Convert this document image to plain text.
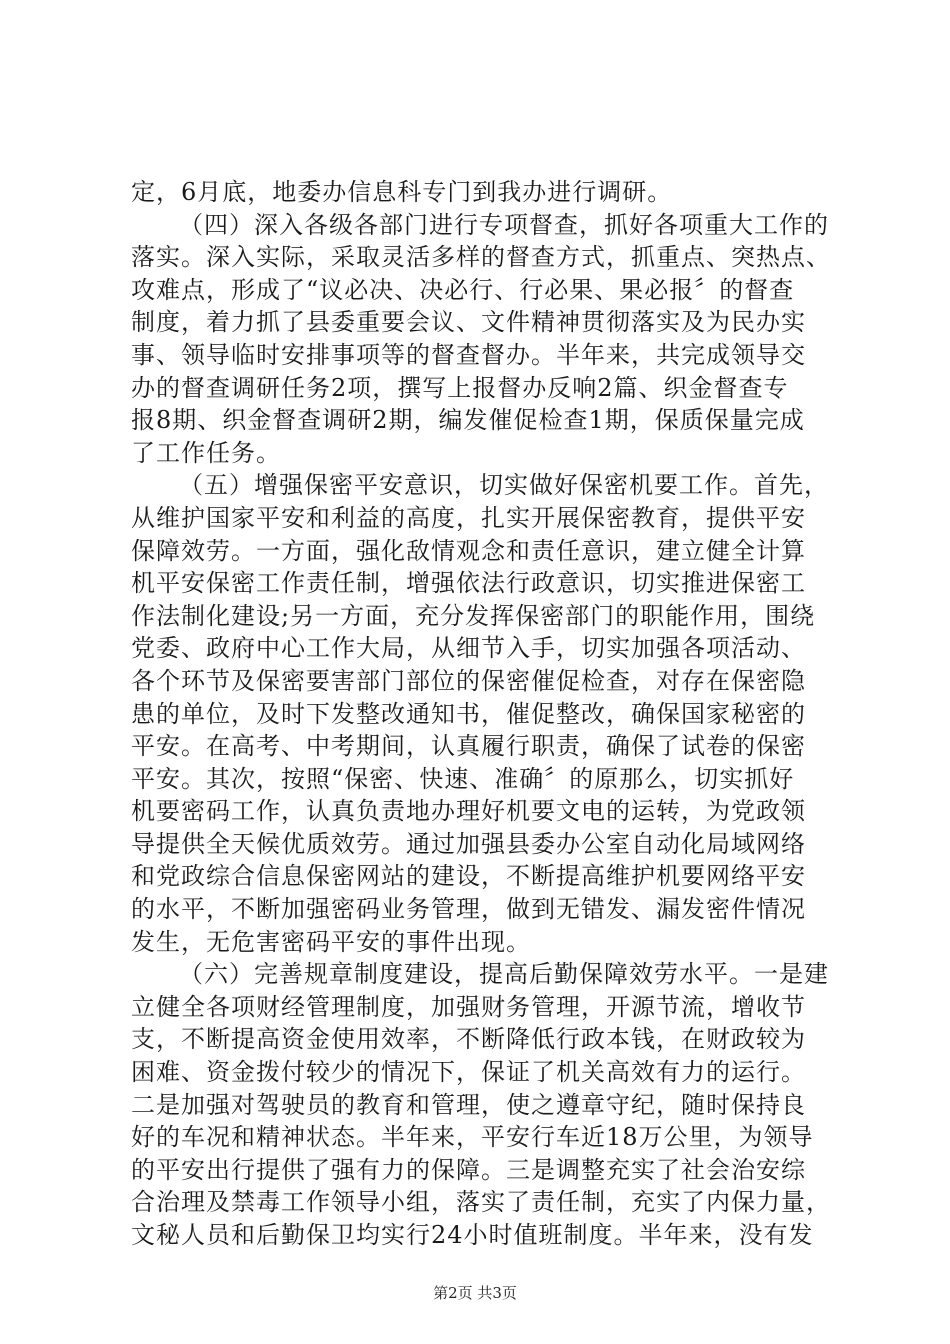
定，6月底，地委办信息科专门到我办进行调研。
（四）深入各级各部门进行专项督查，抓好各项重大工作的
落实。深入实际，采取灵活多样的督查方式，抓重点、突热点、
攻难点，形成了“议必决、决必行、行必果、果必报〞的督查
制度，着力抓了县委重要会议、文件精神贯彻落实及为民办实
事、领导临时安排事项等的督查督办。半年来，共完成领导交
办的督查调研任务2项，撰写上报督办反响2篇、织金督查专
报8期、织金督查调研2期，编发催促检查1期，保质保量完成
了工作任务。
（五）增强保密平安意识，切实做好保密机要工作。首先，
从维护国家平安和利益的高度，扎实开展保密教育，提供平安
保障效劳。一方面，强化敌情观念和责任意识，建立健全计算
机平安保密工作责任制，增强依法行政意识，切实推进保密工
作法制化建设;另一方面，充分发挥保密部门的职能作用，围绕
党委、政府中心工作大局，从细节入手，切实加强各项活动、
各个环节及保密要害部门部位的保密催促检查，对存在保密隐
患的单位，及时下发整改通知书，催促整改，确保国家秘密的
平安。在高考、中考期间，认真履行职责，确保了试卷的保密
平安。其次，按照“保密、快速、准确〞的原那么，切实抓好
机要密码工作，认真负责地办理好机要文电的运转，为党政领
导提供全天候优质效劳。通过加强县委办公室自动化局域网络
和党政综合信息保密网站的建设，不断提高维护机要网络平安
的水平，不断加强密码业务管理，做到无错发、漏发密件情况
发生，无危害密码平安的事件出现。
（六）完善规章制度建设，提高后勤保障效劳水平。一是建
立健全各项财经管理制度，加强财务管理，开源节流，增收节
支，不断提高资金使用效率，不断降低行政本钱，在财政较为
困难、资金拨付较少的情况下，保证了机关高效有力的运行。
二是加强对驾驶员的教育和管理，使之遵章守纪，随时保持良
好的车况和精神状态。半年来，平安行车近18万公里，为领导
的平安出行提供了强有力的保障。三是调整充实了社会治安综
合治理及禁毒工作领导小组，落实了责任制，充实了内保力量，
文秘人员和后勤保卫均实行24小时值班制度。半年来，没有发
第2页 共3页
